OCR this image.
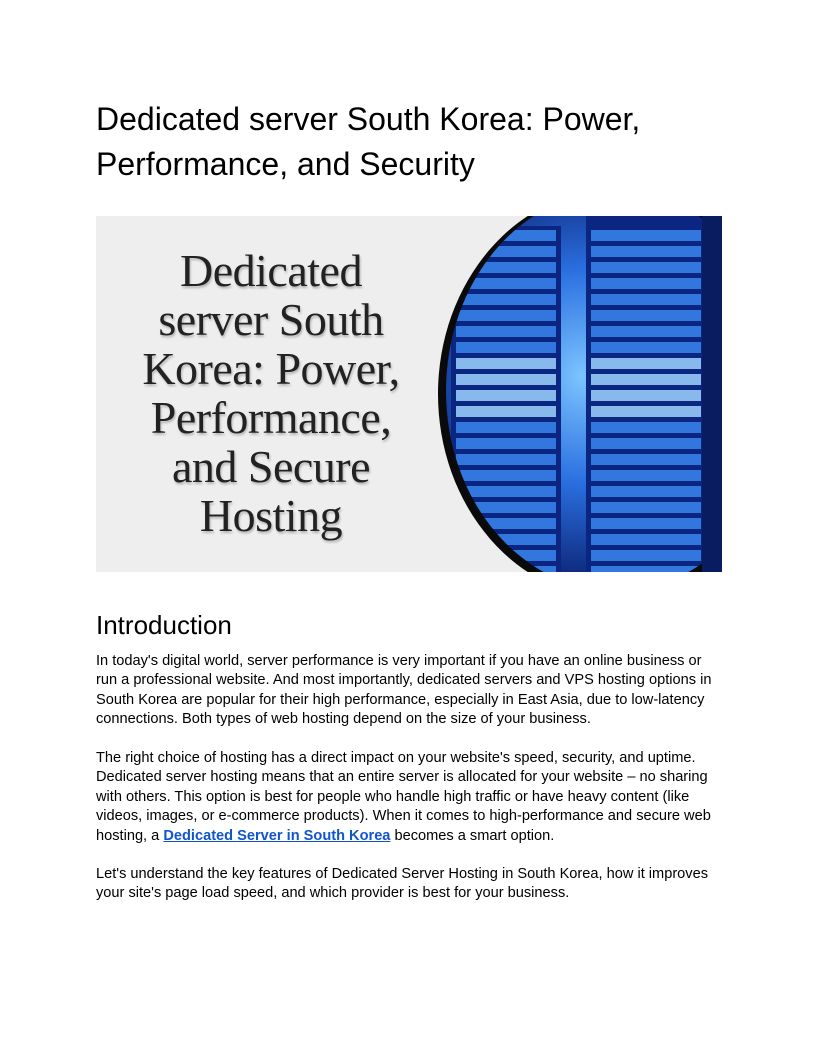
Dedicated server South Korea: Power, Performance, and Security
Dedicated
server South
Korea: Power,
Performance,
and Secure
Hosting
Introduction

In today's digital world, server performance is very important if you have an online business or run a professional website. And most importantly, dedicated servers and VPS hosting options in South Korea are popular for their high performance, especially in East Asia, due to low-latency connections. Both types of web hosting depend on the size of your business.

The right choice of hosting has a direct impact on your website's speed, security, and uptime. Dedicated server hosting means that an entire server is allocated for your website – no sharing with others. This option is best for people who handle high traffic or have heavy content (like videos, images, or e-commerce products). When it comes to high-performance and secure web hosting, a Dedicated Server in South Korea becomes a smart option.

Let's understand the key features of Dedicated Server Hosting in South Korea, how it improves your site's page load speed, and which provider is best for your business.
